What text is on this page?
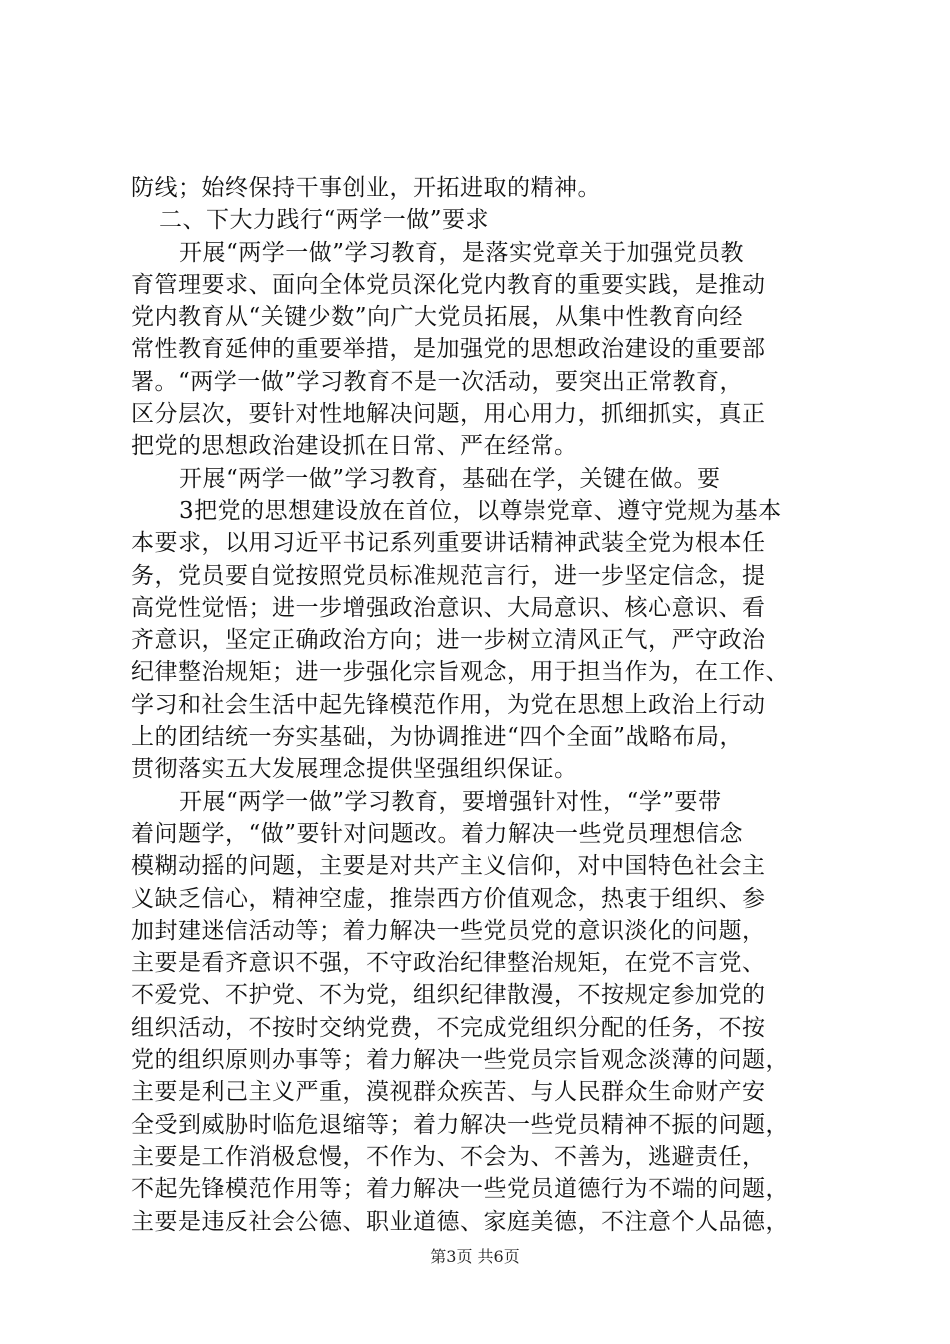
防线；始终保持干事创业，开拓进取的精神。
二、下大力践行“两学一做”要求
开展“两学一做”学习教育，是落实党章关于加强党员教
育管理要求、面向全体党员深化党内教育的重要实践，是推动
党内教育从“关键少数”向广大党员拓展，从集中性教育向经
常性教育延伸的重要举措，是加强党的思想政治建设的重要部
署。“两学一做”学习教育不是一次活动，要突出正常教育，
区分层次，要针对性地解决问题，用心用力，抓细抓实，真正
把党的思想政治建设抓在日常、严在经常。
开展“两学一做”学习教育，基础在学，关键在做。要
3把党的思想建设放在首位，以尊崇党章、遵守党规为基本
本要求，以用习近平书记系列重要讲话精神武装全党为根本任
务，党员要自觉按照党员标准规范言行，进一步坚定信念，提
高党性觉悟；进一步增强政治意识、大局意识、核心意识、看
齐意识，坚定正确政治方向；进一步树立清风正气，严守政治
纪律整治规矩；进一步强化宗旨观念，用于担当作为，在工作、
学习和社会生活中起先锋模范作用，为党在思想上政治上行动
上的团结统一夯实基础，为协调推进“四个全面”战略布局，
贯彻落实五大发展理念提供坚强组织保证。
开展“两学一做”学习教育，要增强针对性，“学”要带
着问题学，“做”要针对问题改。着力解决一些党员理想信念
模糊动摇的问题，主要是对共产主义信仰，对中国特色社会主
义缺乏信心，精神空虚，推崇西方价值观念，热衷于组织、参
加封建迷信活动等；着力解决一些党员党的意识淡化的问题，
主要是看齐意识不强，不守政治纪律整治规矩，在党不言党、
不爱党、不护党、不为党，组织纪律散漫，不按规定参加党的
组织活动，不按时交纳党费，不完成党组织分配的任务，不按
党的组织原则办事等；着力解决一些党员宗旨观念淡薄的问题，
主要是利己主义严重，漠视群众疾苦、与人民群众生命财产安
全受到威胁时临危退缩等；着力解决一些党员精神不振的问题，
主要是工作消极怠慢，不作为、不会为、不善为，逃避责任，
不起先锋模范作用等；着力解决一些党员道德行为不端的问题，
主要是违反社会公德、职业道德、家庭美德，不注意个人品德，
第3页 共6页
